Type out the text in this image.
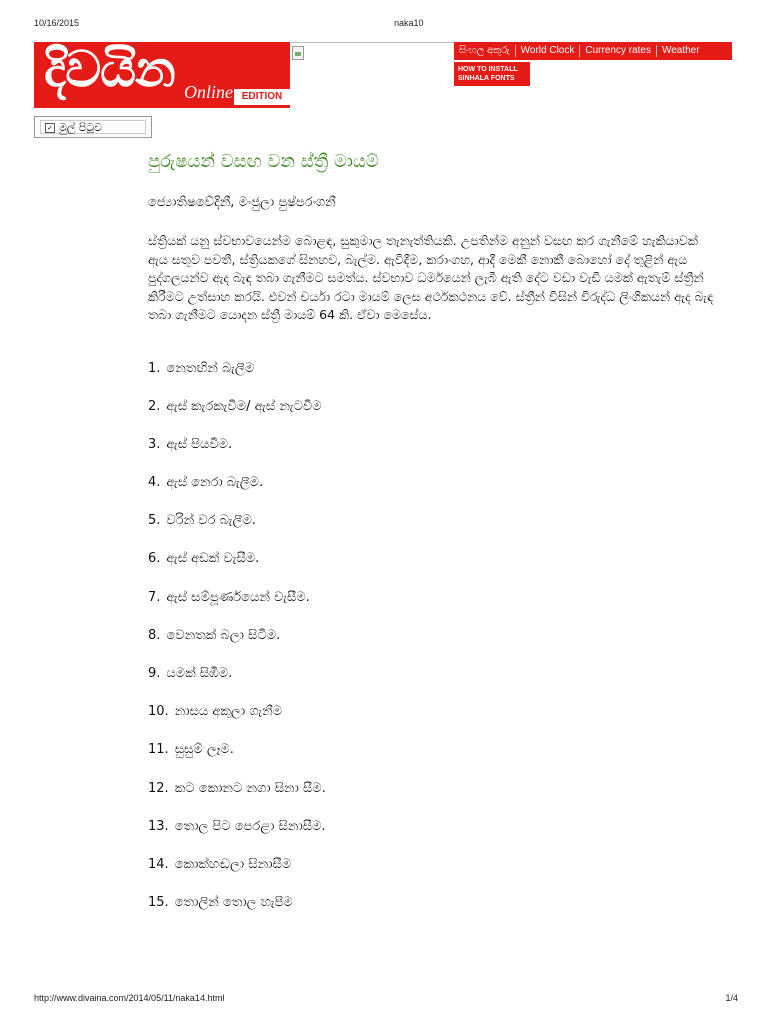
10/16/2015	naka10
දිවයින Online EDITION
සිංහල අකුරු	World Clock	Currency rates	Weather
HOW TO INSTALL SINHALA FONTS
✓ මුල් පිටුව
පුරුෂයන් වසඟ වන ස්ත්‍රී මායම්

ජ්‍යොතිෂවේදිනී, මංජුලා පුෂ්පරංගනී

ස්ත්‍රියක් යනු ස්වභාවයෙන්ම බොළඳ, සුකුමාල තැනැත්තියකි. උපතින්ම අනුන් වසඟ කර ගැනීමේ හැකියාවක් ඇය සතුව පවතී, ස්ත්‍රියකගේ සිනහව, බැල්ම. ඇවිදීම, කරාංගහ, ආදී මෙකී නොකී බොහෝ දේ තුළින් ඇය පුද්ගලයන්ව ඇද බැඳ තබා ගැනීමට සමත්ය. ස්වභාව ධර්මයෙන් ලැබී ඇති දේට වඩා වැඩි යමක් ඇතැම් ස්ත්‍රීන් කිරීමට උත්සාහ කරයි. එවන් චර්යා රටා මායම් ලෙස අර්ථකථනය වේ. ස්ත්‍රීන් විසින් විරුද්ධ ලිංගිකයන් ඇද බැඳ තබා ගැනීමට යොදන ස්ත්‍රී මායම් 64 කි. ඒවා මෙසේය.

1. නෙතඟින් බැලීම
2. ඇස් කැරකැවීම/ ඇස් නැටවීම
3. ඇස් පියවීම.
4. ඇස් නෙරා බැලීම.
5. වරින් වර බැලීම.
6. ඇස් අඩක් වැසීම.
7. ඇස් සම්පූර්ණයෙන් වැසීම.
8. වෙනතක් බලා සිටීම.
9. යමක් සිඹීම.
10. නාසය අකුලා ගැනීම
11. සුසුම් ලෑම.
12. කට කොනට නගා සිනා සීම.
13. තොල පිට පෙරළා සිනාසීම.
14. කොක්හඬලා සිනාසීම
15. තොලින් තොල හැපීම
http://www.divaina.com/2014/05/11/naka14.html	1/4
